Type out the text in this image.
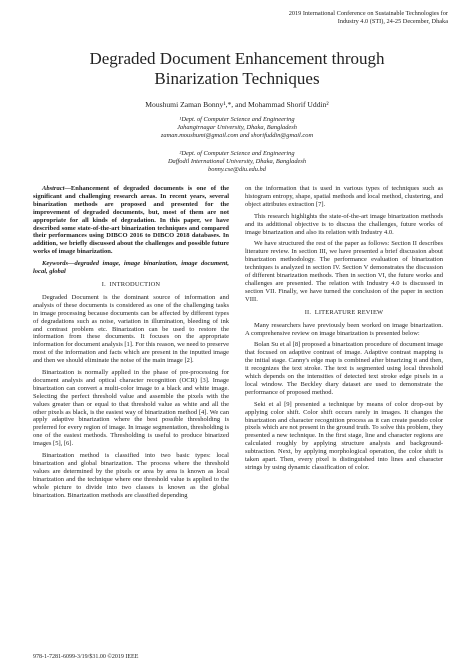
2019 International Conference on Sustainable Technologies for
Industry 4.0 (STI), 24-25 December, Dhaka
Degraded Document Enhancement through
Binarization Techniques
Moushumi Zaman Bonny¹,*, and Mohammad Shorif Uddin²
¹Dept. of Computer Science and Engineering
Jahangirnagar University, Dhaka, Bangladesh
zaman.moushumi@gmail.com and shorifuddin@gmail.com
²Dept. of Computer Science and Engineering
Daffodil International University, Dhaka, Bangladesh
bonny.cse@diu.edu.bd

Abstract—Enhancement of degraded documents is one of the significant and challenging research areas. In recent years, several binarization methods are proposed and presented for the improvement of degraded documents, but, most of them are not appropriate for all kinds of degradation. In this paper, we have described some state-of-the-art binarization techniques and compared their performances using DIBCO 2016 to DIBCO 2018 databases. In addition, we briefly discussed about the challenges and possible future works of image binarization.

Keywords—degraded image, image binarization, image document, local, global

I.  INTRODUCTION

Degraded Document is the dominant source of information and analysis of these documents is considered as one of the challenging tasks in image processing because documents can be affected by different types of degradations such as noise, variation in illumination, bleeding of ink and contrast problem etc. Binarization can be used to restore the information from these documents. It focuses on the appropriate information for document analysis [1]. For this reason, we need to preserve most of the information and facts which are present in the inputted image and then we should eliminate the noise of the main image [2].

Binarization is normally applied in the phase of pre-processing for document analysis and optical character recognition (OCR) [3]. Image binarization can convert a multi-color image to a black and white image. Selecting the perfect threshold value and assemble the pixels with the values greater than or equal to that threshold value as white and all the other pixels as black, is the easiest way of binarization method [4]. We can apply adaptive binarization where the best possible thresholding is preferred for every region of image. In image segmentation, thresholding is one of the easiest methods. Thresholding is useful to produce binarized images [5], [6].

Binarization method is classified into two basic types: local binarization and global binarization. The process where the threshold values are determined by the pixels or area by area is known as local binarization and the technique where one threshold value is applied to the whole picture to divide into two classes is known as the global binarization. Binarization methods are classified depending

on the information that is used in various types of techniques such as histogram entropy, shape, spatial methods and local method, clustering, and object attributes extraction [7].

This research highlights the state-of-the-art image binarization methods and its additional objective is to discuss the challenges, future works of image binarization and also its relation with Industry 4.0.

We have structured the rest of the paper as follows: Section II describes literature review. In section III, we have presented a brief discussion about binarization methodology. The performance evaluation of binarization techniques is analyzed in section IV. Section V demonstrates the discussion of different binarization methods. Then in section VI, the future works and challenges are presented. The relation with Industry 4.0 is discussed in section VII. Finally, we have turned the conclusion of the paper in section VIII.

II.  LITERATURE REVIEW

Many researchers have previously been worked on image binarization. A comprehensive review on image binarization is presented below:

Bolan Su et al [8] proposed a binarization procedure of document image that focused on adaptive contrast of image. Adaptive contrast mapping is the initial stage. Canny's edge map is combined after binarizing it and then, it recognizes the text stroke. The text is segmented using local threshold which depends on the intensities of detected text stroke edge pixels in a local window. The Beckley diary dataset are used to demonstrate the performance of proposed method.

Seki et al [9] presented a technique by means of color drop-out by applying color shift. Color shift occurs rarely in images. It changes the binarization and character recognition process as it can create pseudo color pixels which are not present in the ground truth. To solve this problem, they presented a new technique. In the first stage, line and character regions are calculated roughly by applying structure analysis and background-subtraction. Next, by applying morphological operation, the color shift is taken apart. Then, every pixel is distinguished into lines and character strings by using dynamic classification of color.

978-1-7281-6099-3/19/$31.00 ©2019 IEEE
